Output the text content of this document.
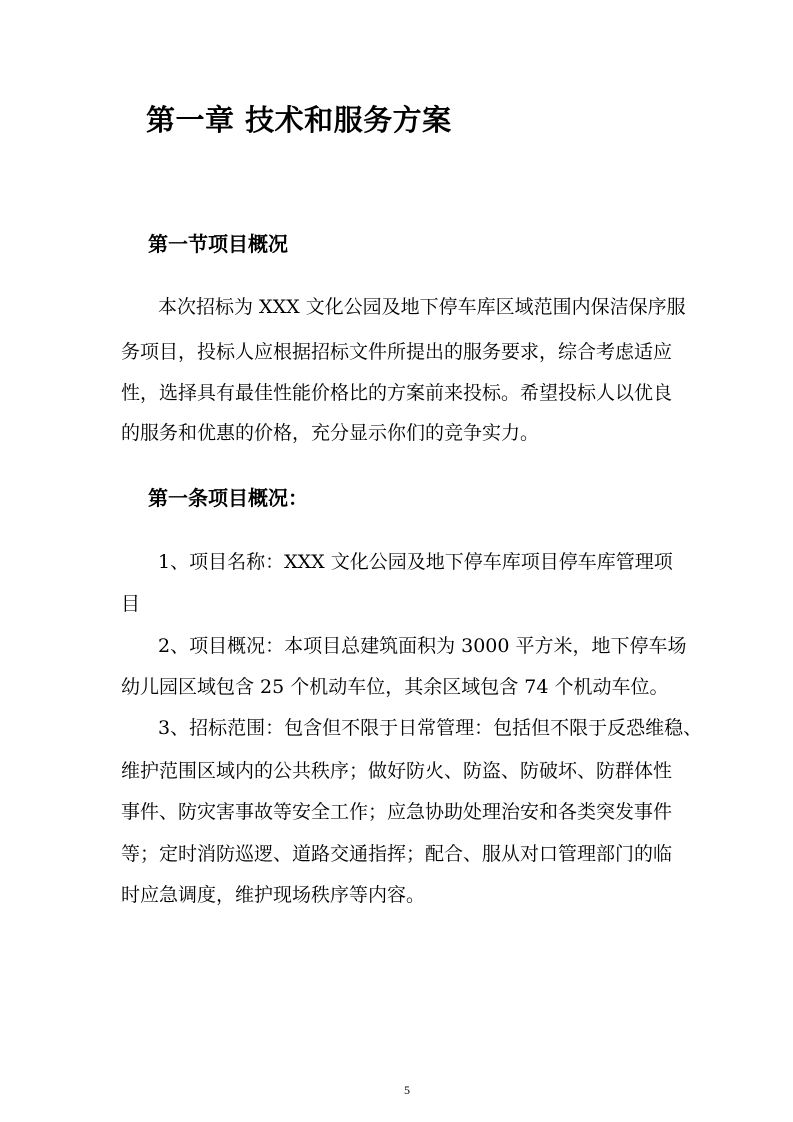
第一章 技术和服务方案
第一节项目概况
本次招标为 XXX 文化公园及地下停车库区域范围内保洁保序服
务项目，投标人应根据招标文件所提出的服务要求，综合考虑适应
性，选择具有最佳性能价格比的方案前来投标。希望投标人以优良
的服务和优惠的价格，充分显示你们的竞争实力。
第一条项目概况：
1、项目名称：XXX 文化公园及地下停车库项目停车库管理项
目
2、项目概况：本项目总建筑面积为 3000 平方米，地下停车场
幼儿园区域包含 25 个机动车位，其余区域包含 74 个机动车位。
3、招标范围：包含但不限于日常管理：包括但不限于反恐维稳、
维护范围区域内的公共秩序；做好防火、防盗、防破坏、防群体性
事件、防灾害事故等安全工作；应急协助处理治安和各类突发事件
等；定时消防巡逻、道路交通指挥；配合、服从对口管理部门的临
时应急调度，维护现场秩序等内容。
5
